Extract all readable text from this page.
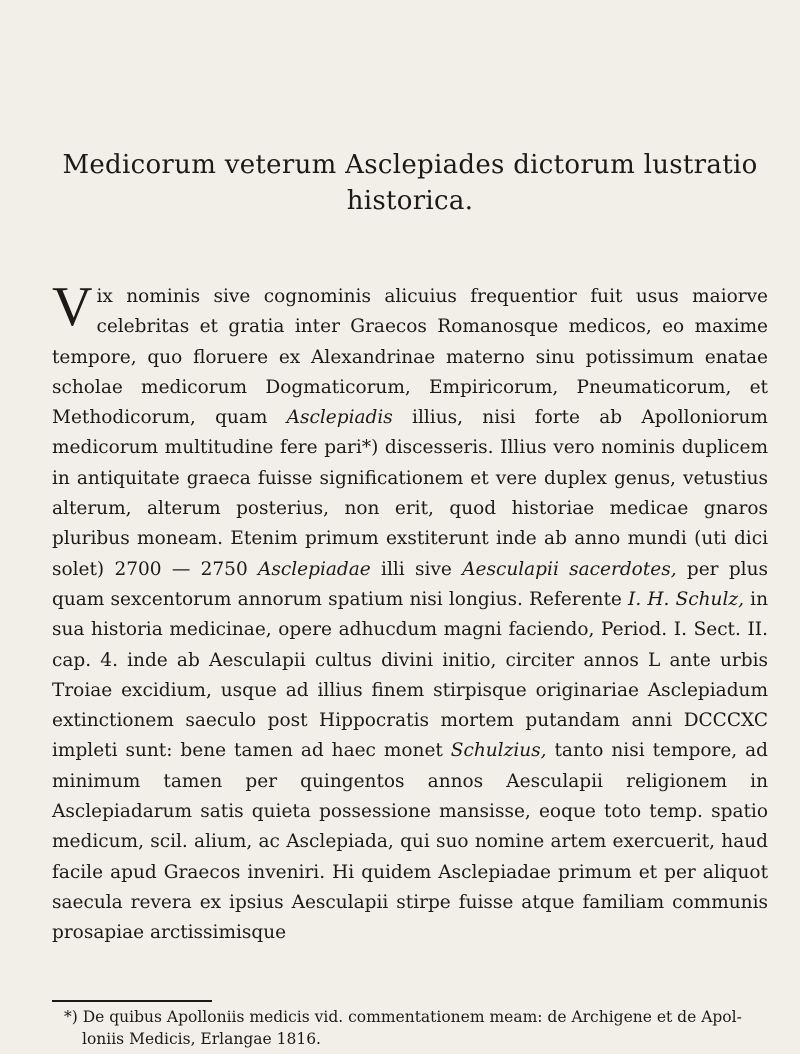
Medicorum veterum Asclepiades dictorum lustratio
historica.

Vix nominis sive cognominis alicuius frequentior fuit usus maiorve celebritas et gratia inter Graecos Romanosque medicos, eo maxime tempore, quo floruere ex Alexandrinae materno sinu potissimum enatae scholae medicorum Dogmaticorum, Empiricorum, Pneumaticorum, et Methodicorum, quam Asclepiadis illius, nisi forte ab Apolloniorum medicorum multitudine fere pari*) discesseris. Illius vero nominis duplicem in antiquitate graeca fuisse significationem et vere duplex genus, vetustius alterum, alterum posterius, non erit, quod historiae medicae gnaros pluribus moneam. Etenim primum exstiterunt inde ab anno mundi (uti dici solet) 2700 — 2750 Asclepiadae illi sive Aesculapii sacerdotes, per plus quam sexcentorum annorum spatium nisi longius. Referente I. H. Schulz, in sua historia medicinae, opere adhucdum magni faciendo, Period. I. Sect. II. cap. 4. inde ab Aesculapii cultus divini initio, circiter annos L ante urbis Troiae excidium, usque ad illius finem stirpisque originariae Asclepiadum extinctionem saeculo post Hippocratis mortem putandam anni DCCCXC impleti sunt: bene tamen ad haec monet Schulzius, tanto nisi tempore, ad minimum tamen per quingentos annos Aesculapii religionem in Asclepiadarum satis quieta possessione mansisse, eoque toto temp. spatio medicum, scil. alium, ac Asclepiada, qui suo nomine artem exercuerit, haud facile apud Graecos inveniri. Hi quidem Asclepiadae primum et per aliquot saecula revera ex ipsius Aesculapii stirpe fuisse atque familiam communis prosapiae arctissimisque

*) De quibus Apolloniis medicis vid. commentationem meam: de Archigene et de Apol-
loniis Medicis, Erlangae 1816.
